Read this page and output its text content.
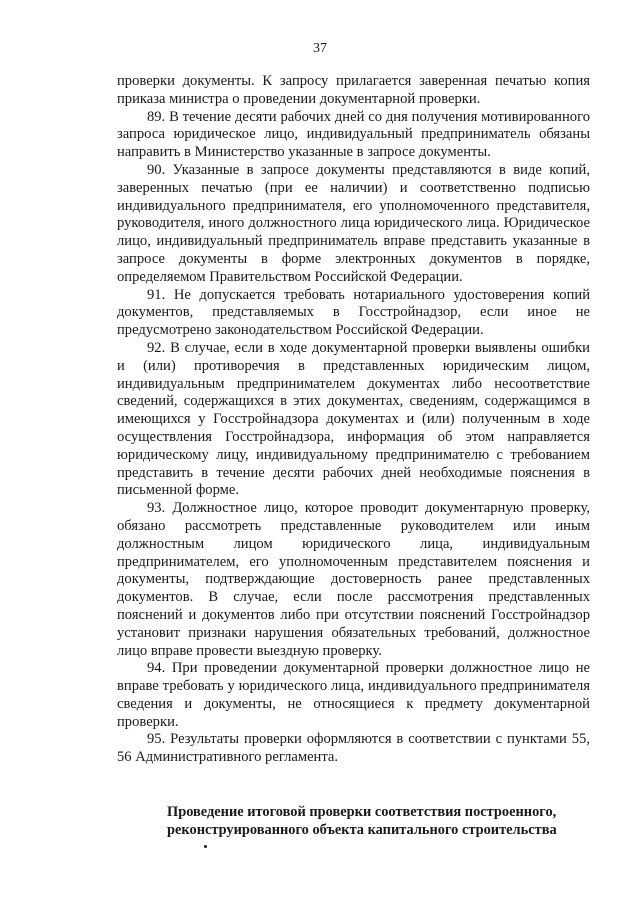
37

проверки документы. К запросу прилагается заверенная печатью копия приказа министра о проведении документарной проверки.

89. В течение десяти рабочих дней со дня получения мотивированного запроса юридическое лицо, индивидуальный предприниматель обязаны направить в Министерство указанные в запросе документы.

90. Указанные в запросе документы представляются в виде копий, заверенных печатью (при ее наличии) и соответственно подписью индивидуального предпринимателя, его уполномоченного представителя, руководителя, иного должностного лица юридического лица. Юридическое лицо, индивидуальный предприниматель вправе представить указанные в запросе документы в форме электронных документов в порядке, определяемом Правительством Российской Федерации.

91. Не допускается требовать нотариального удостоверения копий документов, представляемых в Госстройнадзор, если иное не предусмотрено законодательством Российской Федерации.

92. В случае, если в ходе документарной проверки выявлены ошибки и (или) противоречия в представленных юридическим лицом, индивидуальным предпринимателем документах либо несоответствие сведений, содержащихся в этих документах, сведениям, содержащимся в имеющихся у Госстройнадзора документах и (или) полученным в ходе осуществления Госстройнадзора, информация об этом направляется юридическому лицу, индивидуальному предпринимателю с требованием представить в течение десяти рабочих дней необходимые пояснения в письменной форме.

93. Должностное лицо, которое проводит документарную проверку, обязано рассмотреть представленные руководителем или иным должностным лицом юридического лица, индивидуальным предпринимателем, его уполномоченным представителем пояснения и документы, подтверждающие достоверность ранее представленных документов. В случае, если после рассмотрения представленных пояснений и документов либо при отсутствии пояснений Госстройнадзор установит признаки нарушения обязательных требований, должностное лицо вправе провести выездную проверку.

94. При проведении документарной проверки должностное лицо не вправе требовать у юридического лица, индивидуального предпринимателя сведения и документы, не относящиеся к предмету документарной проверки.

95. Результаты проверки оформляются в соответствии с пунктами 55, 56 Административного регламента.

Проведение итоговой проверки соответствия построенного,
реконструированного объекта капитального строительства
